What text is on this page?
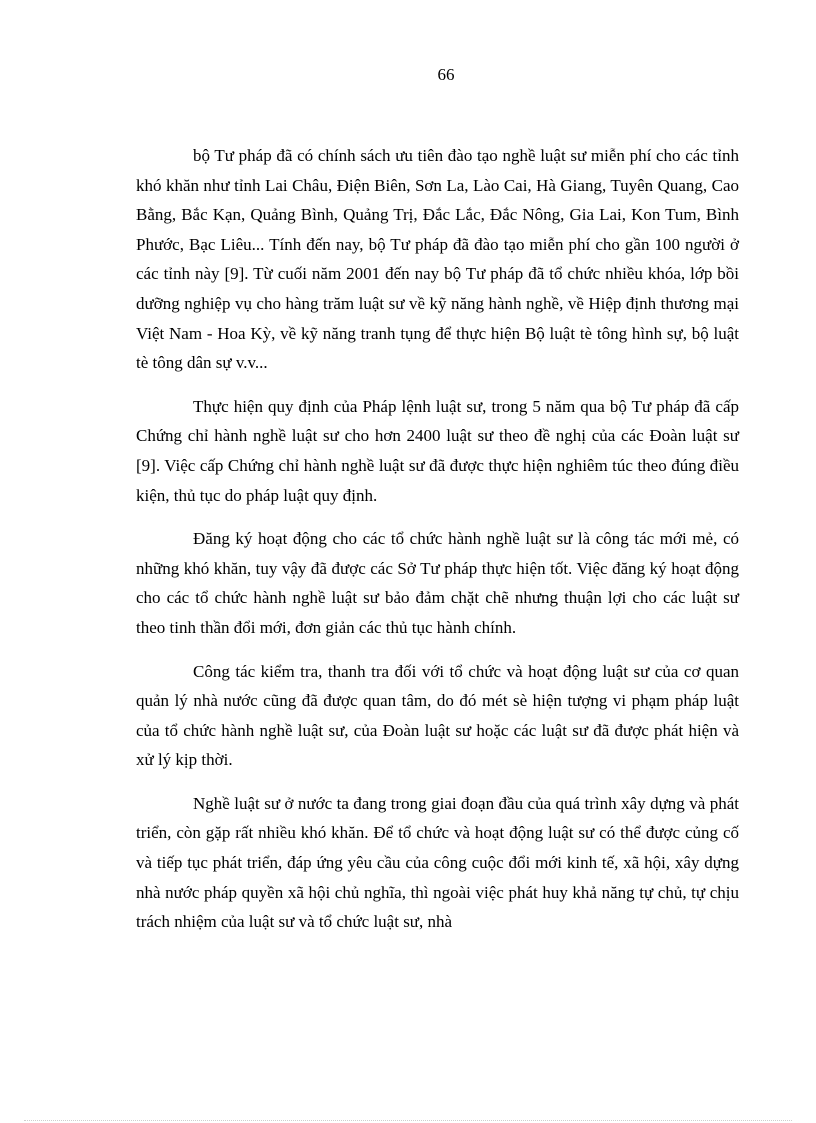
66

bộ Tư pháp đã có chính sách ưu tiên đào tạo nghề luật sư miễn phí cho các tỉnh khó khăn như tỉnh Lai Châu, Điện Biên, Sơn La, Lào Cai, Hà Giang, Tuyên Quang, Cao Bằng, Bắc Kạn, Quảng Bình, Quảng Trị, Đắc Lắc, Đắc Nông, Gia Lai, Kon Tum, Bình Phước, Bạc Liêu... Tính đến nay, bộ Tư pháp đã đào tạo miễn phí cho gần 100 người ở các tỉnh này [9]. Từ cuối năm 2001 đến nay bộ Tư pháp đã tổ chức nhiều khóa, lớp bồi dưỡng nghiệp vụ cho hàng trăm luật sư về kỹ năng hành nghề, về Hiệp định thương mại Việt Nam - Hoa Kỳ, về kỹ năng tranh tụng để thực hiện Bộ luật tè tông hình sự, bộ luật tè tông dân sự v.v...

Thực hiện quy định của Pháp lệnh luật sư, trong 5 năm qua bộ Tư pháp đã cấp Chứng chỉ hành nghề luật sư cho hơn 2400 luật sư theo đề nghị của các Đoàn luật sư [9]. Việc cấp Chứng chỉ hành nghề luật sư đã được thực hiện nghiêm túc theo đúng điều kiện, thủ tục do pháp luật quy định.

Đăng ký hoạt động cho các tổ chức hành nghề luật sư là công tác mới mẻ, có những khó khăn, tuy vậy đã được các Sở Tư pháp thực hiện tốt. Việc đăng ký hoạt động cho các tổ chức hành nghề luật sư bảo đảm chặt chẽ nhưng thuận lợi cho các luật sư theo tinh thần đổi mới, đơn giản các thủ tục hành chính.

Công tác kiểm tra, thanh tra đối với tổ chức và hoạt động luật sư của cơ quan quản lý nhà nước cũng đã được quan tâm, do đó mét sè hiện tượng vi phạm pháp luật của tổ chức hành nghề luật sư, của Đoàn luật sư hoặc các luật sư đã được phát hiện và xử lý kịp thời.

Nghề luật sư ở nước ta đang trong giai đoạn đầu của quá trình xây dựng và phát triển, còn gặp rất nhiều khó khăn. Để tổ chức và hoạt động luật sư có thể được củng cố và tiếp tục phát triển, đáp ứng yêu cầu của công cuộc đổi mới kinh tế, xã hội, xây dựng nhà nước pháp quyền xã hội chủ nghĩa, thì ngoài việc phát huy khả năng tự chủ, tự chịu trách nhiệm của luật sư và tổ chức luật sư, nhà
